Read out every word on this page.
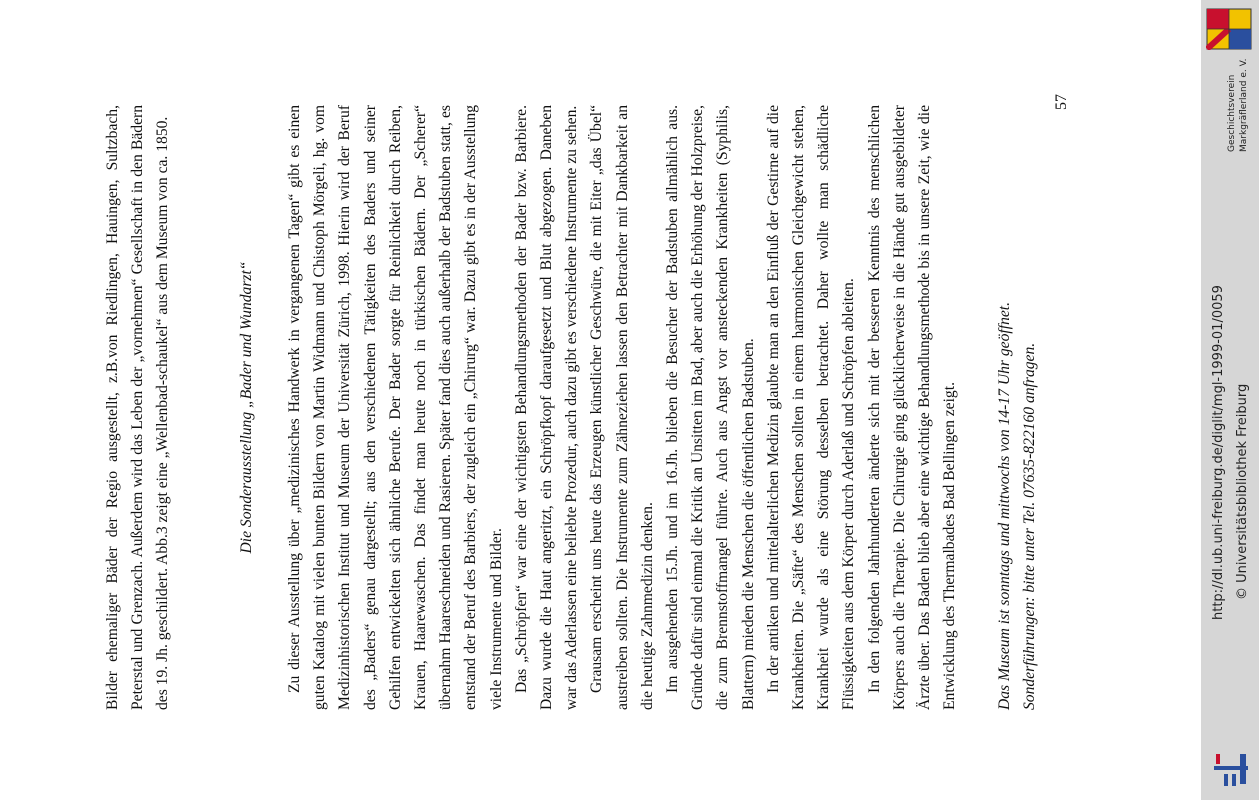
Bilder ehemaliger Bäder der Regio ausgestellt, z.B.von Riedlingen, Hauingen, Sultzbach, Peterstal und Grenzach. Außerdem wird das Leben der „vornehmen“ Gesellschaft in den Bädern des 19. Jh. geschildert. Abb.3 zeigt eine „Wellenbad-schaukel“ aus dem Museum von ca. 1850.	Die Sonderausstellung „Bader und Wundarzt“ Zu dieser Ausstellung über „medizinisches Handwerk in vergangenen Tagen“ gibt es einen guten Katalog mit vielen bunten Bildern von Martin Widmann und Chistoph Mörgeli, hg. vom Medizinhistorischen Institut und Museum der Universität Zürich, 1998. Hierin wird der Beruf des „Baders“ genau dargestellt; aus den verschiedenen Tätigkeiten des Baders und seiner Gehilfen entwickelten sich ähnliche Berufe. Der Bader sorgte für Reinlichkeit durch Reiben, Krauen, Haarewaschen. Das findet man heute noch in türkischen Bädern. Der „Scherer“ übernahm Haareschneiden und Rasieren. Später fand dies auch außerhalb der Badstuben statt, es entstand der Beruf des Barbiers, der zugleich ein „Chirurg“ war. Dazu gibt es in der Ausstellung viele Instrumente und Bilder. Das „Schröpfen“ war eine der wichtigsten Behandlungsmethoden der Bader bzw. Barbiere. Dazu wurde die Haut angeritzt, ein Schröpfkopf daraufgesetzt und Blut abgezogen. Daneben war das Aderlassen eine beliebte Prozedur, auch dazu gibt es verschiedene Instrumente zu sehen. Grausam erscheint uns heute das Erzeugen künstlicher Geschwüre, die mit Eiter „das Übel“ austreiben sollten. Die Instrumente zum Zähneziehen lassen den Betrachter mit Dankbarkeit an die heutige Zahnmedizin denken. Im ausgehenden 15.Jh. und im 16.Jh. blieben die Besucher der Badstuben allmählich aus. Gründe dafür sind einmal die Kritik an Unsitten im Bad, aber auch die Erhöhung der Holzpreise, die zum Brennstoffmangel führte. Auch aus Angst vor ansteckenden Krankheiten (Syphilis, Blattern) mieden die Menschen die öffentlichen Badstuben. In der antiken und mittelalterlichen Medizin glaubte man an den Einfluß der Gestirne auf die Krankheiten. Die „Säfte“ des Menschen sollten in einem harmonischen Gleichgewicht stehen, Krankheit wurde als eine Störung desselben betrachtet. Daher wollte man schädliche Flüssigkeiten aus dem Körper durch Aderlaß und Schröpfen ableiten. In den folgenden Jahrhunderten änderte sich mit der besseren Kenntnis des menschlichen Körpers auch die Therapie. Die Chirurgie ging glücklicherweise in die Hände gut ausgebildeter Ärzte über. Das Baden blieb aber eine wichtige Behandlungsmethode bis in unsere Zeit, wie die Entwicklung des Thermalbades Bad Bellingen zeigt. Das Museum ist sonntags und mittwochs von 14-17 Uhr geöffnet. Sonderführungen: bitte unter Tel. 07635-822160 anfragen.
57
http://dl.ub.uni-freiburg.de/diglit/mgl-1999-01/0059 © Universitätsbibliothek Freiburg
Geschichtsverein Markgräflerland e. V.
